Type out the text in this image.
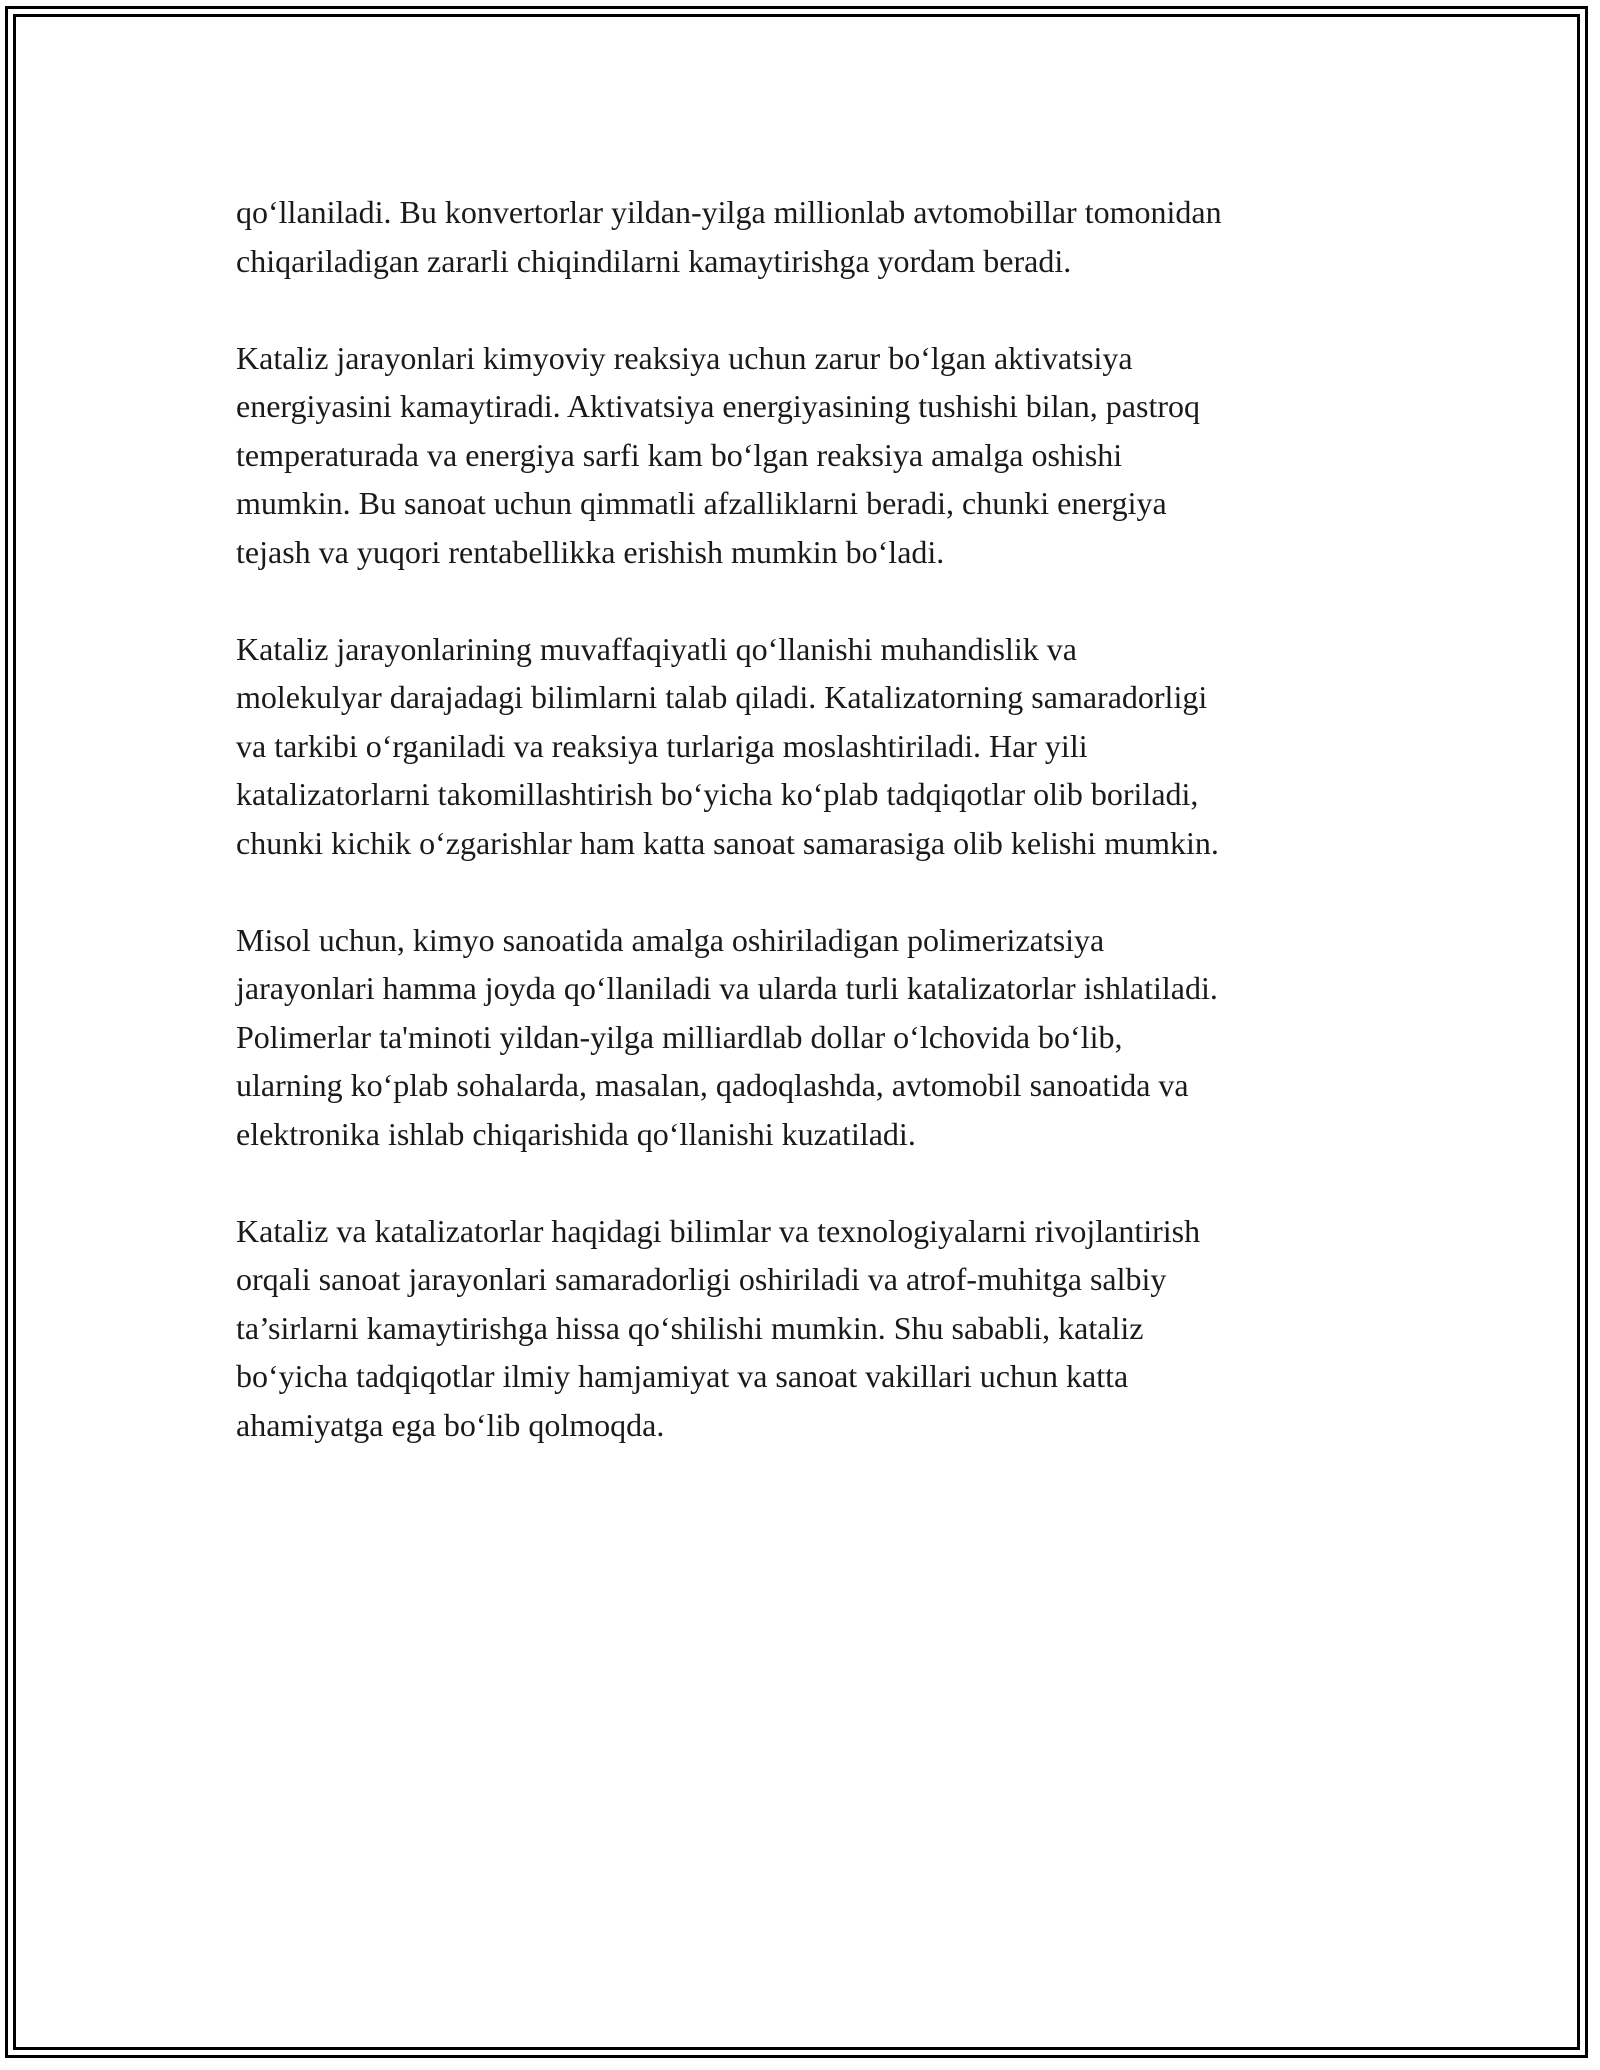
qo‘llaniladi. Bu konvertorlar yildan-yilga millionlab avtomobillar tomonidan
chiqariladigan zararli chiqindilarni kamaytirishga yordam beradi.

Kataliz jarayonlari kimyoviy reaksiya uchun zarur bo‘lgan aktivatsiya
energiyasini kamaytiradi. Aktivatsiya energiyasining tushishi bilan, pastroq
temperaturada va energiya sarfi kam bo‘lgan reaksiya amalga oshishi
mumkin. Bu sanoat uchun qimmatli afzalliklarni beradi, chunki energiya
tejash va yuqori rentabellikka erishish mumkin bo‘ladi.

Kataliz jarayonlarining muvaffaqiyatli qo‘llanishi muhandislik va
molekulyar darajadagi bilimlarni talab qiladi. Katalizatorning samaradorligi
va tarkibi o‘rganiladi va reaksiya turlariga moslashtiriladi. Har yili
katalizatorlarni takomillashtirish bo‘yicha ko‘plab tadqiqotlar olib boriladi,
chunki kichik o‘zgarishlar ham katta sanoat samarasiga olib kelishi mumkin.

Misol uchun, kimyo sanoatida amalga oshiriladigan polimerizatsiya
jarayonlari hamma joyda qo‘llaniladi va ularda turli katalizatorlar ishlatiladi.
Polimerlar ta'minoti yildan-yilga milliardlab dollar o‘lchovida bo‘lib,
ularning ko‘plab sohalarda, masalan, qadoqlashda, avtomobil sanoatida va
elektronika ishlab chiqarishida qo‘llanishi kuzatiladi.

Kataliz va katalizatorlar haqidagi bilimlar va texnologiyalarni rivojlantirish
orqali sanoat jarayonlari samaradorligi oshiriladi va atrof-muhitga salbiy
ta’sirlarni kamaytirishga hissa qo‘shilishi mumkin. Shu sababli, kataliz
bo‘yicha tadqiqotlar ilmiy hamjamiyat va sanoat vakillari uchun katta
ahamiyatga ega bo‘lib qolmoqda.
